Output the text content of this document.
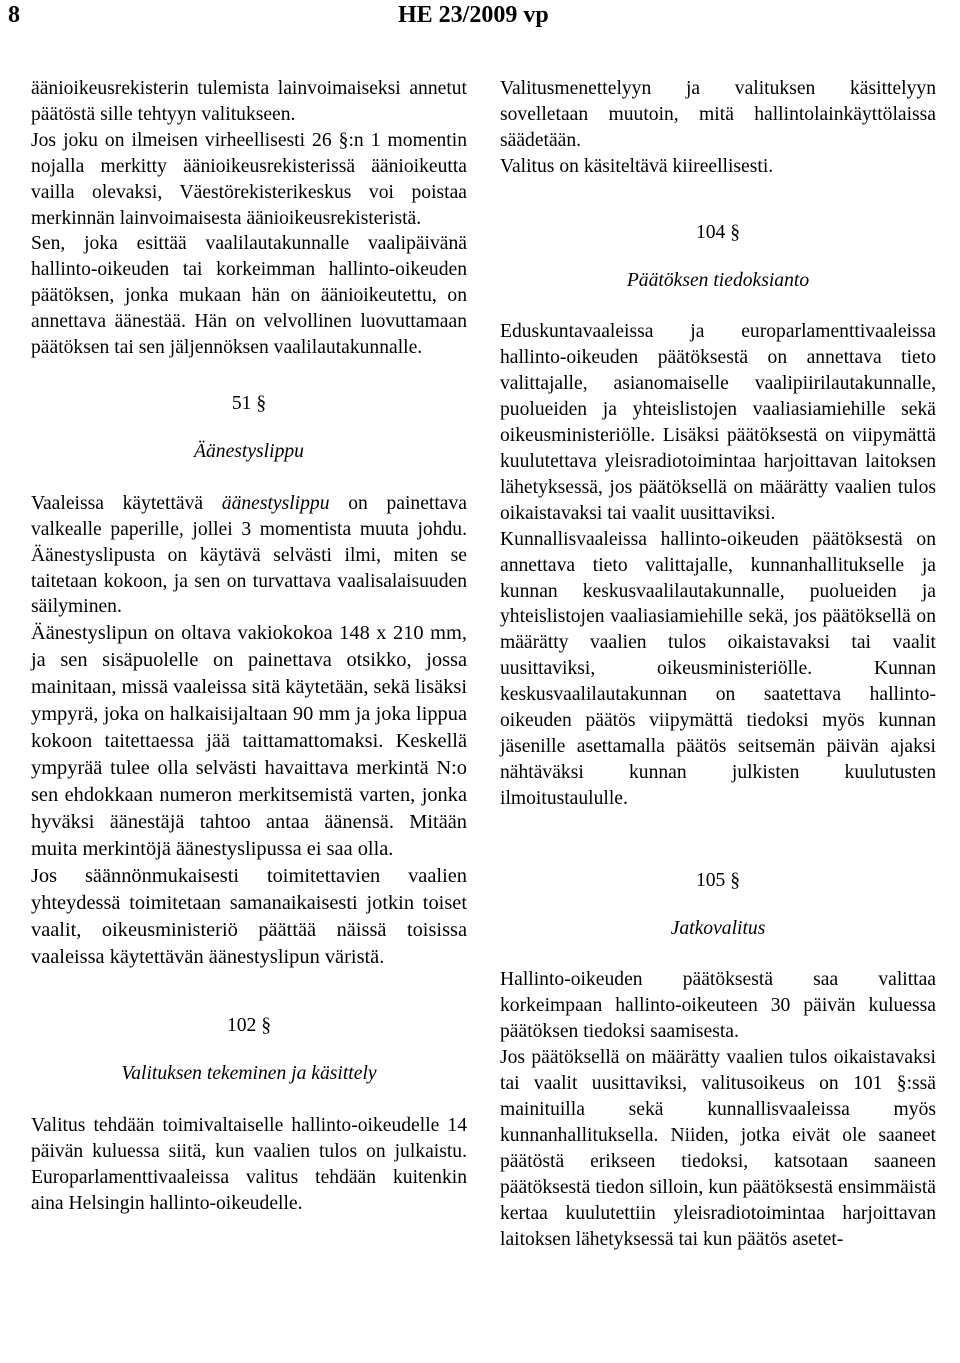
8	HE 23/2009 vp

äänioikeusrekisterin tulemista lainvoimaiseksi annetut päätöstä sille tehtyyn valitukseen.

Jos joku on ilmeisen virheellisesti 26 §:n 1 momentin nojalla merkitty äänioikeusrekisterissä äänioikeutta vailla olevaksi, Väestörekisterikeskus voi poistaa merkinnän lainvoimaisesta äänioikeusrekisteristä.

Sen, joka esittää vaalilautakunnalle vaalipäivänä hallinto-oikeuden tai korkeimman hallinto-oikeuden päätöksen, jonka mukaan hän on äänioikeutettu, on annettava äänestää. Hän on velvollinen luovuttamaan päätöksen tai sen jäljennöksen vaalilautakunnalle.

51 §
Äänestyslippu

Vaaleissa käytettävä äänestyslippu on painettava valkealle paperille, jollei 3 momentista muuta johdu. Äänestyslipusta on käytävä selvästi ilmi, miten se taitetaan kokoon, ja sen on turvattava vaalisalaisuuden säilyminen.

Äänestyslipun on oltava vakiokokoa 148 x 210 mm, ja sen sisäpuolelle on painettava otsikko, jossa mainitaan, missä vaaleissa sitä käytetään, sekä lisäksi ympyrä, joka on halkaisijaltaan 90 mm ja joka lippua kokoon taitettaessa jää taittamattomaksi. Keskellä ympyrää tulee olla selvästi havaittava merkintä N:o sen ehdokkaan numeron merkitsemistä varten, jonka hyväksi äänestäjä tahtoo antaa äänensä. Mitään muita merkintöjä äänestyslipussa ei saa olla.

Jos säännönmukaisesti toimitettavien vaalien yhteydessä toimitetaan samanaikaisesti jotkin toiset vaalit, oikeusministeriö päättää näissä toisissa vaaleissa käytettävän äänestyslipun väristä.

102 §
Valituksen tekeminen ja käsittely

Valitus tehdään toimivaltaiselle hallinto-oikeudelle 14 päivän kuluessa siitä, kun vaalien tulos on julkaistu. Europarlamenttivaaleissa valitus tehdään kuitenkin aina Helsingin hallinto-oikeudelle.

Valitusmenettelyyn ja valituksen käsittelyyn sovelletaan muutoin, mitä hallintolainkäyttölaissa säädetään.

Valitus on käsiteltävä kiireellisesti.

104 §
Päätöksen tiedoksianto

Eduskuntavaaleissa ja europarlamenttivaaleissa hallinto-oikeuden päätöksestä on annettava tieto valittajalle, asianomaiselle vaalipiirilautakunnalle, puolueiden ja yhteislistojen vaaliasiamiehille sekä oikeusministeriölle. Lisäksi päätöksestä on viipymättä kuulutettava yleisradiotoimintaa harjoittavan laitoksen lähetyksessä, jos päätöksellä on määrätty vaalien tulos oikaistavaksi tai vaalit uusittaviksi.

Kunnallisvaaleissa hallinto-oikeuden päätöksestä on annettava tieto valittajalle, kunnanhallitukselle ja kunnan keskusvaalilautakunnalle, puolueiden ja yhteislistojen vaaliasiamiehille sekä, jos päätöksellä on määrätty vaalien tulos oikaistavaksi tai vaalit uusittaviksi, oikeusministeriölle. Kunnan keskusvaalilautakunnan on saatettava hallinto-oikeuden päätös viipymättä tiedoksi myös kunnan jäsenille asettamalla päätös seitsemän päivän ajaksi nähtäväksi kunnan julkisten kuulutusten ilmoitustaululle.

105 §
Jatkovalitus

Hallinto-oikeuden päätöksestä saa valittaa korkeimpaan hallinto-oikeuteen 30 päivän kuluessa päätöksen tiedoksi saamisesta.

Jos päätöksellä on määrätty vaalien tulos oikaistavaksi tai vaalit uusittaviksi, valitusoikeus on 101 §:ssä mainituilla sekä kunnallisvaaleissa myös kunnanhallituksella. Niiden, jotka eivät ole saaneet päätöstä erikseen tiedoksi, katsotaan saaneen päätöksestä tiedon silloin, kun päätöksestä ensimmäistä kertaa kuulutettiin yleisradiotoimintaa harjoittavan laitoksen lähetyksessä tai kun päätös asetet-
